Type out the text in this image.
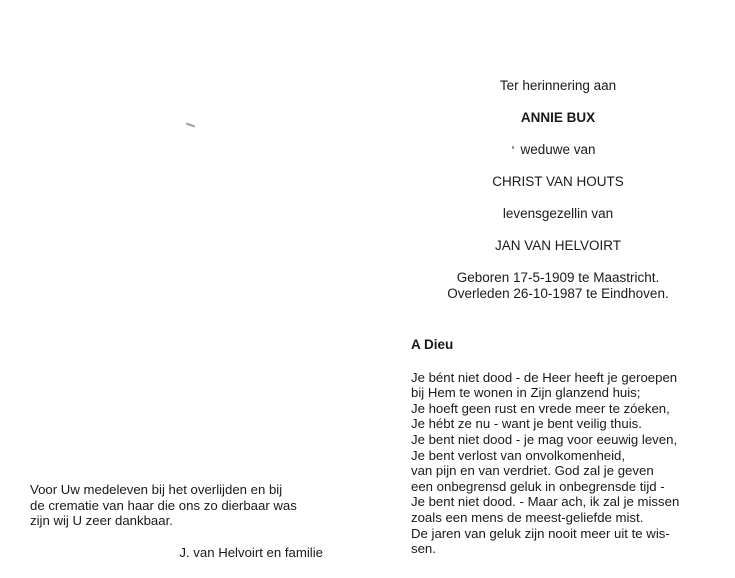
Ter herinnering aan
ANNIE BUX
weduwe van
CHRIST VAN HOUTS
levensgezellin van
JAN VAN HELVOIRT
Geboren 17-5-1909 te Maastricht.
Overleden 26-10-1987 te Eindhoven.
A Dieu
Je bént niet dood - de Heer heeft je geroepen
bij Hem te wonen in Zijn glanzend huis;
Je hoeft geen rust en vrede meer te zóeken,
Je hébt ze nu - want je bent veilig thuis.
Je bent niet dood - je mag voor eeuwig leven,
Je bent verlost van onvolkomenheid,
van pijn en van verdriet. God zal je geven
een onbegrensd geluk in onbegrensde tijd -
Je bent niet dood. - Maar ach, ik zal je missen
zoals een mens de meest-geliefde mist.
De jaren van geluk zijn nooit meer uit te wis-
sen.
Voor Uw medeleven bij het overlijden en bij
de crematie van haar die ons zo dierbaar was
zijn wij U zeer dankbaar.
J. van Helvoirt en familie
